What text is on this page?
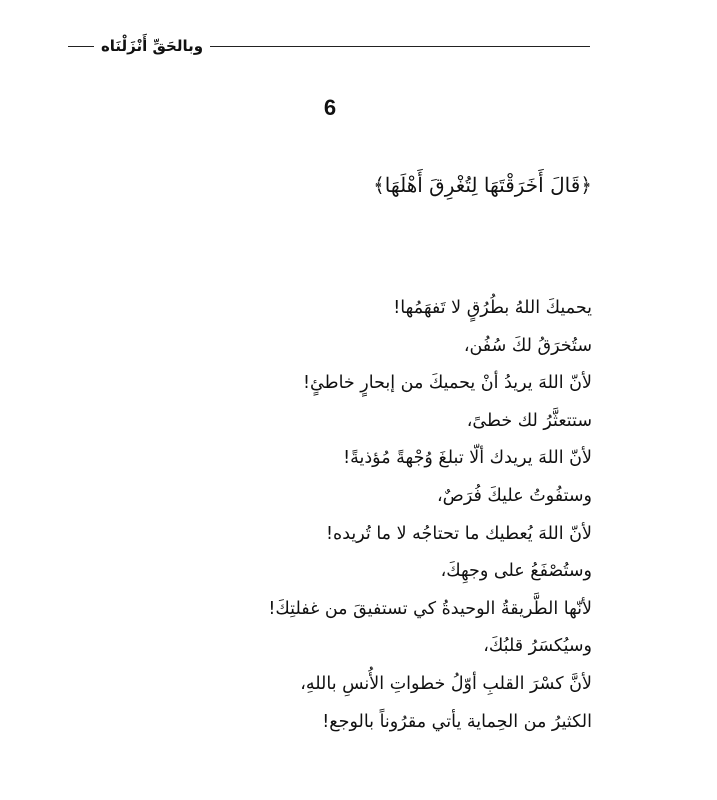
وبالحَقِّ أَنْزَلْنَاه
6
﴿قَالَ أَخَرَقْتَهَا لِتُغْرِقَ أَهْلَهَا﴾
يحميكَ اللهُ بطُرُقٍ لا تَفهَمُها!
ستُخرَقُ لكَ سُفُن،
لأنّ اللهَ يريدُ أنْ يحميكَ من إبحارٍ خاطئٍ!
ستتعثَّرُ لك خطىً،
لأنّ اللهَ يريدك ألّا تبلغَ وُجْهةً مُؤذيةً!
وستفُوتُ عليكَ فُرَصٌ،
لأنّ اللهَ يُعطيك ما تحتاجُه لا ما تُريده!
وستُصْفَعُ على وجهِكَ،
لأنّها الطَّريقةُ الوحيدةُ كي تستفيقَ من غفلتِكَ!
وسيُكسَرُ قلبُكَ،
لأنَّ كسْرَ القلبِ أوّلُ خطواتِ الأُنسِ باللهِ،
الكثيرُ من الحِماية يأتي مقرُوناً بالوجع!
